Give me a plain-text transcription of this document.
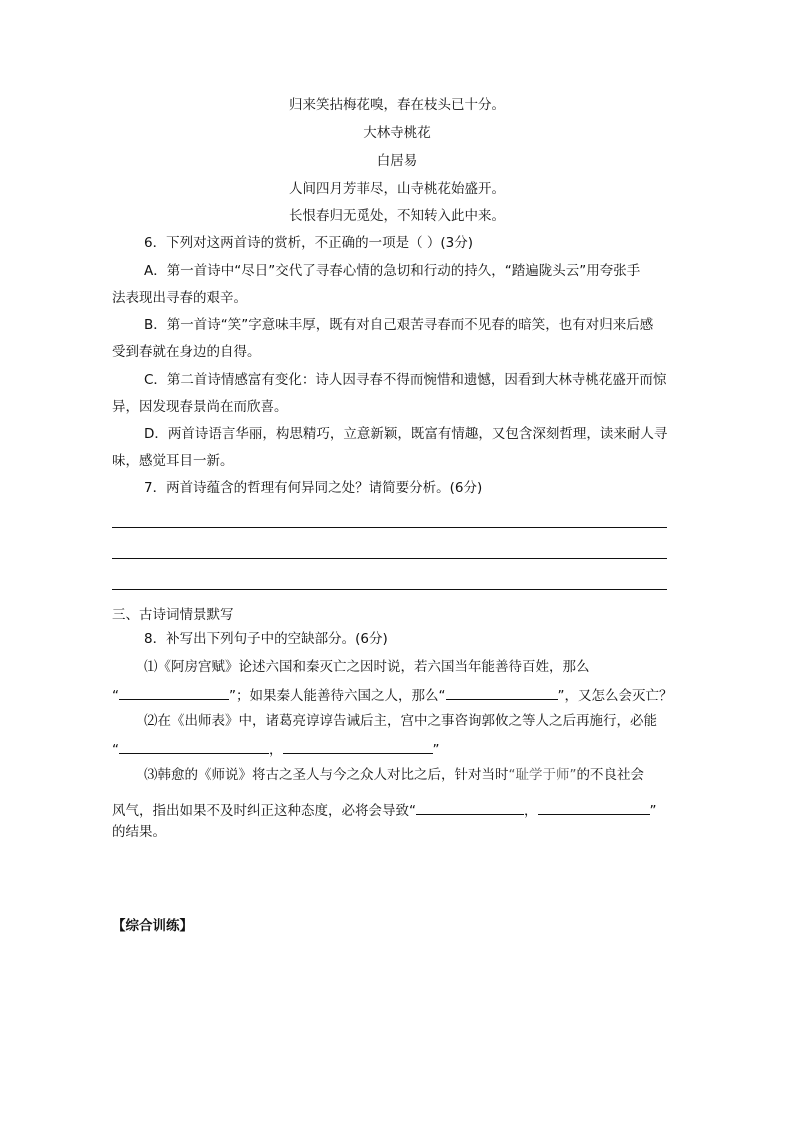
归来笑拈梅花嗅，春在枝头已十分。
大林寺桃花
白居易
人间四月芳菲尽，山寺桃花始盛开。
长恨春归无觅处，不知转入此中来。
6．下列对这两首诗的赏析，不正确的一项是（ ）(3分)
A．第一首诗中“尽日”交代了寻春心情的急切和行动的持久，“踏遍陇头云”用夸张手
法表现出寻春的艰辛。
B．第一首诗“笑”字意味丰厚，既有对自己艰苦寻春而不见春的暗笑，也有对归来后感
受到春就在身边的自得。
C．第二首诗情感富有变化：诗人因寻春不得而惋惜和遗憾，因看到大林寺桃花盛开而惊
异，因发现春景尚在而欣喜。
D．两首诗语言华丽，构思精巧，立意新颖，既富有情趣，又包含深刻哲理，读来耐人寻
味，感觉耳目一新。
7．两首诗蕴含的哲理有何异同之处？请简要分析。(6分)
三、古诗词情景默写
8．补写出下列句子中的空缺部分。(6分)
⑴《阿房宫赋》论述六国和秦灭亡之因时说，若六国当年能善待百姓，那么
“	”；如果秦人能善待六国之人，那么“	”，又怎么会灭亡？
⑵在《出师表》中，诸葛亮谆谆告诫后主，宫中之事咨询郭攸之等人之后再施行，必能
“	，	”
⑶韩愈的《师说》将古之圣人与今之众人对比之后，针对当时“耻学于师”的不良社会
风气，指出如果不及时纠正这种态度，必将会导致“	，	”
的结果。
【综合训练】
